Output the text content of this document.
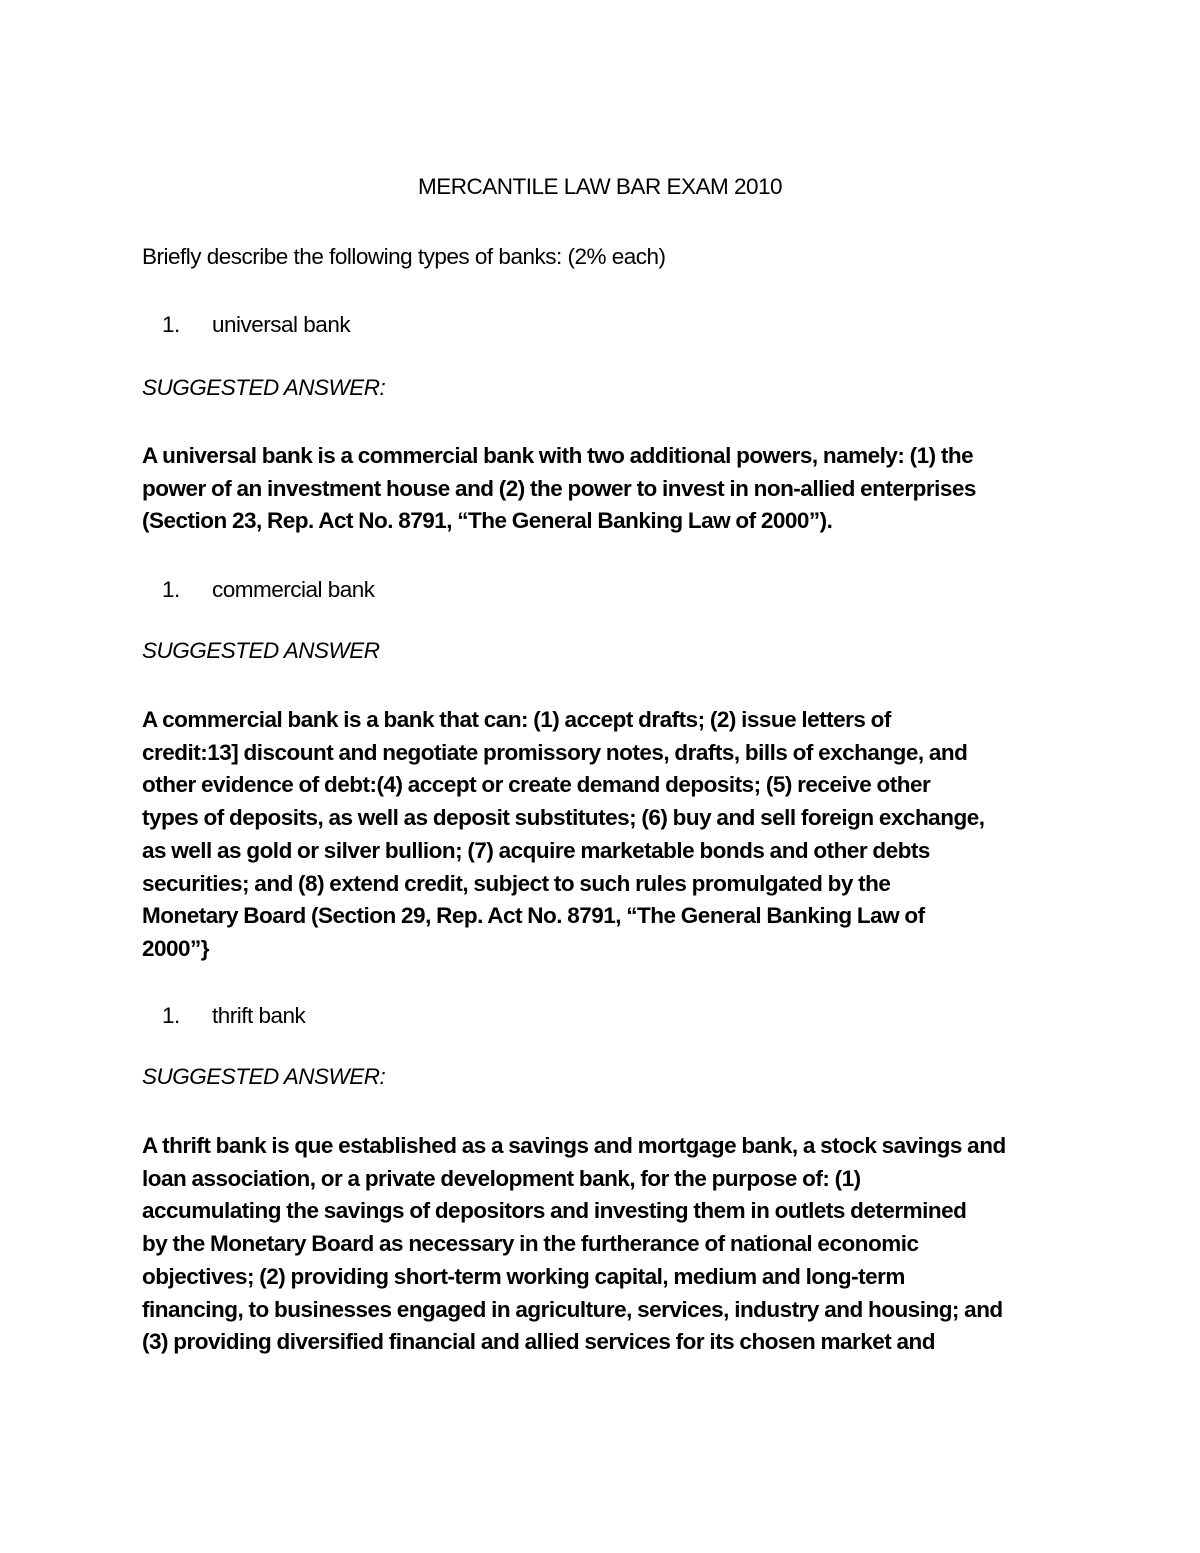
MERCANTILE LAW BAR EXAM 2010
Briefly describe the following types of banks: (2% each)
1. universal bank
SUGGESTED ANSWER:

A universal bank is a commercial bank with two additional powers, namely: (1) the
power of an investment house and (2) the power to invest in non-allied enterprises
(Section 23, Rep. Act No. 8791, “The General Banking Law of 2000”).

1. commercial bank
SUGGESTED ANSWER

A commercial bank is a bank that can: (1) accept drafts; (2) issue letters of
credit:13] discount and negotiate promissory notes, drafts, bills of exchange, and
other evidence of debt:(4) accept or create demand deposits; (5) receive other
types of deposits, as well as deposit substitutes; (6) buy and sell foreign exchange,
as well as gold or silver bullion; (7) acquire marketable bonds and other debts
securities; and (8) extend credit, subject to such rules promulgated by the
Monetary Board (Section 29, Rep. Act No. 8791, “The General Banking Law of
2000”}

1. thrift bank
SUGGESTED ANSWER:

A thrift bank is que established as a savings and mortgage bank, a stock savings and
loan association, or a private development bank, for the purpose of: (1)
accumulating the savings of depositors and investing them in outlets determined
by the Monetary Board as necessary in the furtherance of national economic
objectives; (2) providing short-term working capital, medium and long-term
financing, to businesses engaged in agriculture, services, industry and housing; and
(3) providing diversified financial and allied services for its chosen market and
